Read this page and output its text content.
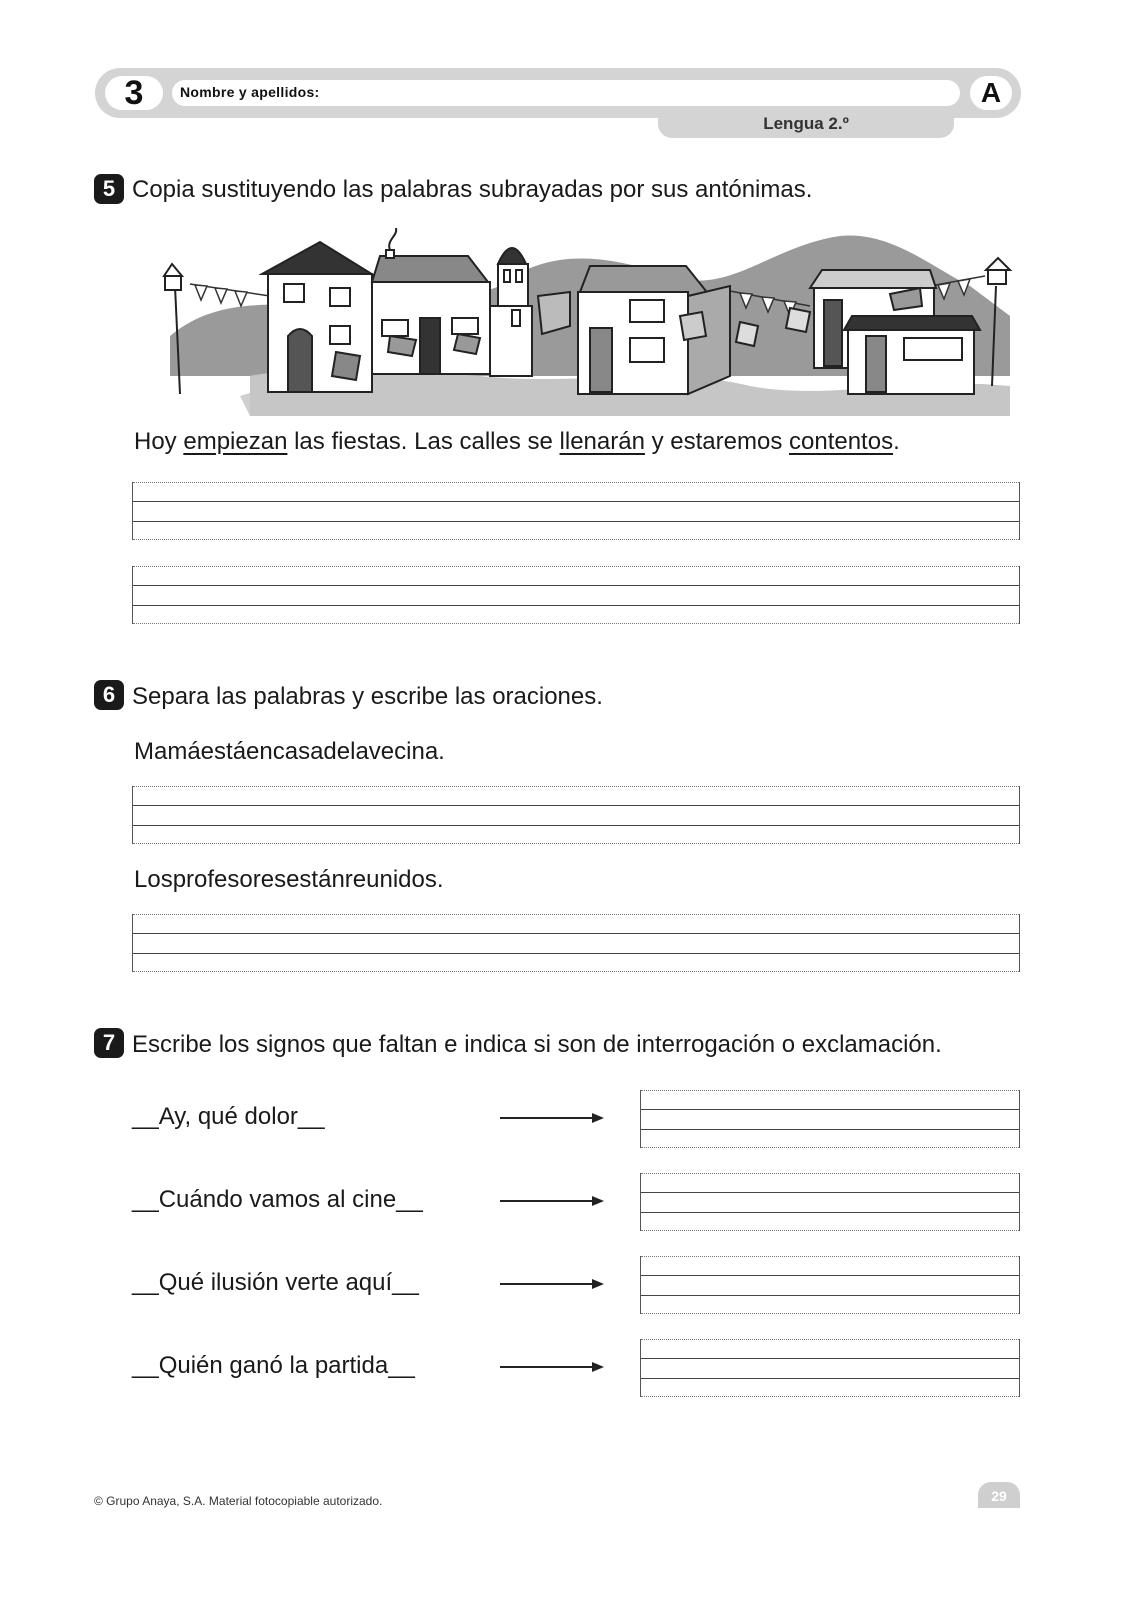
3	Nombre y apellidos:	A
Lengua 2.º
5 Copia sustituyendo las palabras subrayadas por sus antónimas.
Hoy empiezan las fiestas. Las calles se llenarán y estaremos contentos.
6 Separa las palabras y escribe las oraciones.
Mamáestáencasadelavecina.
Losprofesoresestánreunidos.
7 Escribe los signos que faltan e indica si son de interrogación o exclamación.
__Ay, qué dolor__
__Cuándo vamos al cine__
__Qué ilusión verte aquí__
__Quién ganó la partida__
© Grupo Anaya, S.A. Material fotocopiable autorizado.	29
